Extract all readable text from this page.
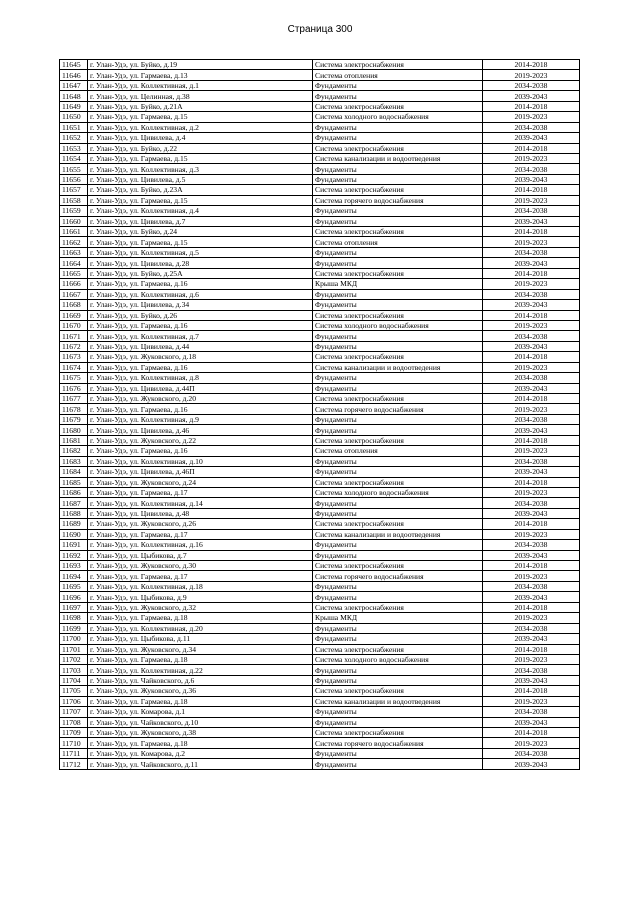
Страница 300
11645	г. Улан-Удэ, ул. Буйко, д.19	Система электроснабжения	2014-2018
11646	г. Улан-Удэ, ул. Гармаева, д.13	Система отопления	2019-2023
11647	г. Улан-Удэ, ул. Коллективная, д.1	Фундаменты	2034-2038
11648	г. Улан-Удэ, ул. Целинная, д.38	Фундаменты	2039-2043
11649	г. Улан-Удэ, ул. Буйко, д.21А	Система электроснабжения	2014-2018
11650	г. Улан-Удэ, ул. Гармаева, д.15	Система холодного водоснабжения	2019-2023
11651	г. Улан-Удэ, ул. Коллективная, д.2	Фундаменты	2034-2038
11652	г. Улан-Удэ, ул. Цивилева, д.4	Фундаменты	2039-2043
11653	г. Улан-Удэ, ул. Буйко, д.22	Система электроснабжения	2014-2018
11654	г. Улан-Удэ, ул. Гармаева, д.15	Система канализации и водоотведения	2019-2023
11655	г. Улан-Удэ, ул. Коллективная, д.3	Фундаменты	2034-2038
11656	г. Улан-Удэ, ул. Цивилева, д.5	Фундаменты	2039-2043
11657	г. Улан-Удэ, ул. Буйко, д.23А	Система электроснабжения	2014-2018
11658	г. Улан-Удэ, ул. Гармаева, д.15	Система горячего водоснабжения	2019-2023
11659	г. Улан-Удэ, ул. Коллективная, д.4	Фундаменты	2034-2038
11660	г. Улан-Удэ, ул. Цивилева, д.7	Фундаменты	2039-2043
11661	г. Улан-Удэ, ул. Буйко, д.24	Система электроснабжения	2014-2018
11662	г. Улан-Удэ, ул. Гармаева, д.15	Система отопления	2019-2023
11663	г. Улан-Удэ, ул. Коллективная, д.5	Фундаменты	2034-2038
11664	г. Улан-Удэ, ул. Цивилева, д.28	Фундаменты	2039-2043
11665	г. Улан-Удэ, ул. Буйко, д.25А	Система электроснабжения	2014-2018
11666	г. Улан-Удэ, ул. Гармаева, д.16	Крыша МКД	2019-2023
11667	г. Улан-Удэ, ул. Коллективная, д.6	Фундаменты	2034-2038
11668	г. Улан-Удэ, ул. Цивилева, д.34	Фундаменты	2039-2043
11669	г. Улан-Удэ, ул. Буйко, д.26	Система электроснабжения	2014-2018
11670	г. Улан-Удэ, ул. Гармаева, д.16	Система холодного водоснабжения	2019-2023
11671	г. Улан-Удэ, ул. Коллективная, д.7	Фундаменты	2034-2038
11672	г. Улан-Удэ, ул. Цивилева, д.44	Фундаменты	2039-2043
11673	г. Улан-Удэ, ул. Жуковского, д.18	Система электроснабжения	2014-2018
11674	г. Улан-Удэ, ул. Гармаева, д.16	Система канализации и водоотведения	2019-2023
11675	г. Улан-Удэ, ул. Коллективная, д.8	Фундаменты	2034-2038
11676	г. Улан-Удэ, ул. Цивилева, д.44П	Фундаменты	2039-2043
11677	г. Улан-Удэ, ул. Жуковского, д.20	Система электроснабжения	2014-2018
11678	г. Улан-Удэ, ул. Гармаева, д.16	Система горячего водоснабжения	2019-2023
11679	г. Улан-Удэ, ул. Коллективная, д.9	Фундаменты	2034-2038
11680	г. Улан-Удэ, ул. Цивилева, д.46	Фундаменты	2039-2043
11681	г. Улан-Удэ, ул. Жуковского, д.22	Система электроснабжения	2014-2018
11682	г. Улан-Удэ, ул. Гармаева, д.16	Система отопления	2019-2023
11683	г. Улан-Удэ, ул. Коллективная, д.10	Фундаменты	2034-2038
11684	г. Улан-Удэ, ул. Цивилева, д.46П	Фундаменты	2039-2043
11685	г. Улан-Удэ, ул. Жуковского, д.24	Система электроснабжения	2014-2018
11686	г. Улан-Удэ, ул. Гармаева, д.17	Система холодного водоснабжения	2019-2023
11687	г. Улан-Удэ, ул. Коллективная, д.14	Фундаменты	2034-2038
11688	г. Улан-Удэ, ул. Цивилева, д.48	Фундаменты	2039-2043
11689	г. Улан-Удэ, ул. Жуковского, д.26	Система электроснабжения	2014-2018
11690	г. Улан-Удэ, ул. Гармаева, д.17	Система канализации и водоотведения	2019-2023
11691	г. Улан-Удэ, ул. Коллективная, д.16	Фундаменты	2034-2038
11692	г. Улан-Удэ, ул. Цыбикова, д.7	Фундаменты	2039-2043
11693	г. Улан-Удэ, ул. Жуковского, д.30	Система электроснабжения	2014-2018
11694	г. Улан-Удэ, ул. Гармаева, д.17	Система горячего водоснабжения	2019-2023
11695	г. Улан-Удэ, ул. Коллективная, д.18	Фундаменты	2034-2038
11696	г. Улан-Удэ, ул. Цыбикова, д.9	Фундаменты	2039-2043
11697	г. Улан-Удэ, ул. Жуковского, д.32	Система электроснабжения	2014-2018
11698	г. Улан-Удэ, ул. Гармаева, д.18	Крыша МКД	2019-2023
11699	г. Улан-Удэ, ул. Коллективная, д.20	Фундаменты	2034-2038
11700	г. Улан-Удэ, ул. Цыбикова, д.11	Фундаменты	2039-2043
11701	г. Улан-Удэ, ул. Жуковского, д.34	Система электроснабжения	2014-2018
11702	г. Улан-Удэ, ул. Гармаева, д.18	Система холодного водоснабжения	2019-2023
11703	г. Улан-Удэ, ул. Коллективная, д.22	Фундаменты	2034-2038
11704	г. Улан-Удэ, ул. Чайковского, д.6	Фундаменты	2039-2043
11705	г. Улан-Удэ, ул. Жуковского, д.36	Система электроснабжения	2014-2018
11706	г. Улан-Удэ, ул. Гармаева, д.18	Система канализации и водоотведения	2019-2023
11707	г. Улан-Удэ, ул. Комарова, д.1	Фундаменты	2034-2038
11708	г. Улан-Удэ, ул. Чайковского, д.10	Фундаменты	2039-2043
11709	г. Улан-Удэ, ул. Жуковского, д.38	Система электроснабжения	2014-2018
11710	г. Улан-Удэ, ул. Гармаева, д.18	Система горячего водоснабжения	2019-2023
11711	г. Улан-Удэ, ул. Комарова, д.2	Фундаменты	2034-2038
11712	г. Улан-Удэ, ул. Чайковского, д.11	Фундаменты	2039-2043
